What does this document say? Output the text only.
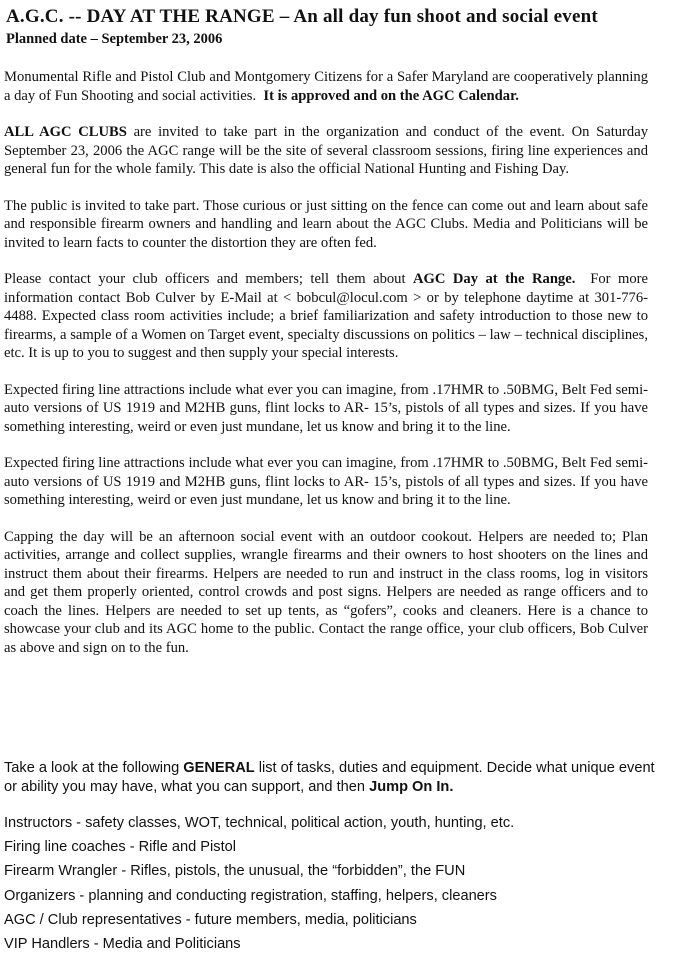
A.G.C. -- DAY AT THE RANGE – An all day fun shoot and social event
Planned date – September 23, 2006

Monumental Rifle and Pistol Club and Montgomery Citizens for a Safer Maryland are cooperatively planning a day of Fun Shooting and social activities. It is approved and on the AGC Calendar.

ALL AGC CLUBS are invited to take part in the organization and conduct of the event. On Saturday September 23, 2006 the AGC range will be the site of several classroom sessions, firing line experiences and general fun for the whole family. This date is also the official National Hunting and Fishing Day.

The public is invited to take part. Those curious or just sitting on the fence can come out and learn about safe and responsible firearm owners and handling and learn about the AGC Clubs. Media and Politicians will be invited to learn facts to counter the distortion they are often fed.

Please contact your club officers and members; tell them about AGC Day at the Range. For more information contact Bob Culver by E-Mail at < bobcul@locul.com > or by telephone daytime at 301-776-4488. Expected class room activities include; a brief familiarization and safety introduction to those new to firearms, a sample of a Women on Target event, specialty discussions on politics – law – technical disciplines, etc. It is up to you to suggest and then supply your special interests.

Expected firing line attractions include what ever you can imagine, from .17HMR to .50BMG, Belt Fed semi-auto versions of US 1919 and M2HB guns, flint locks to AR- 15’s, pistols of all types and sizes. If you have something interesting, weird or even just mundane, let us know and bring it to the line.

Expected firing line attractions include what ever you can imagine, from .17HMR to .50BMG, Belt Fed semi-auto versions of US 1919 and M2HB guns, flint locks to AR- 15’s, pistols of all types and sizes. If you have something interesting, weird or even just mundane, let us know and bring it to the line.

Capping the day will be an afternoon social event with an outdoor cookout. Helpers are needed to; Plan activities, arrange and collect supplies, wrangle firearms and their owners to host shooters on the lines and instruct them about their firearms. Helpers are needed to run and instruct in the class rooms, log in visitors and get them properly oriented, control crowds and post signs. Helpers are needed as range officers and to coach the lines. Helpers are needed to set up tents, as “gofers”, cooks and cleaners. Here is a chance to showcase your club and its AGC home to the public. Contact the range office, your club officers, Bob Culver as above and sign on to the fun.

Take a look at the following GENERAL list of tasks, duties and equipment. Decide what unique event or ability you may have, what you can support, and then Jump On In.
Instructors - safety classes, WOT, technical, political action, youth, hunting, etc.
Firing line coaches - Rifle and Pistol
Firearm Wrangler - Rifles, pistols, the unusual, the “forbidden”, the FUN
Organizers - planning and conducting registration, staffing, helpers, cleaners
AGC / Club representatives - future members, media, politicians
VIP Handlers - Media and Politicians
